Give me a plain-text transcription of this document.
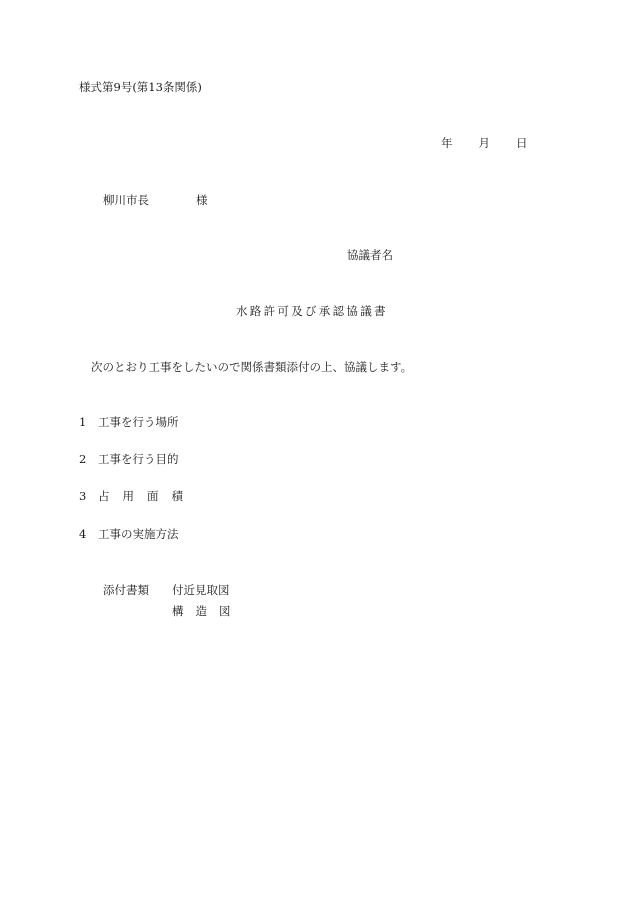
様式第9号(第13条関係)
年 月 日
柳川市長	様
協議者名
水路許可及び承認協議書
次のとおり工事をしたいので関係書類添付の上、協議します。
1 工事を行う場所
2 工事を行う目的
3 占用面積
4 工事の実施方法
添付書類 付近見取図
構造図
